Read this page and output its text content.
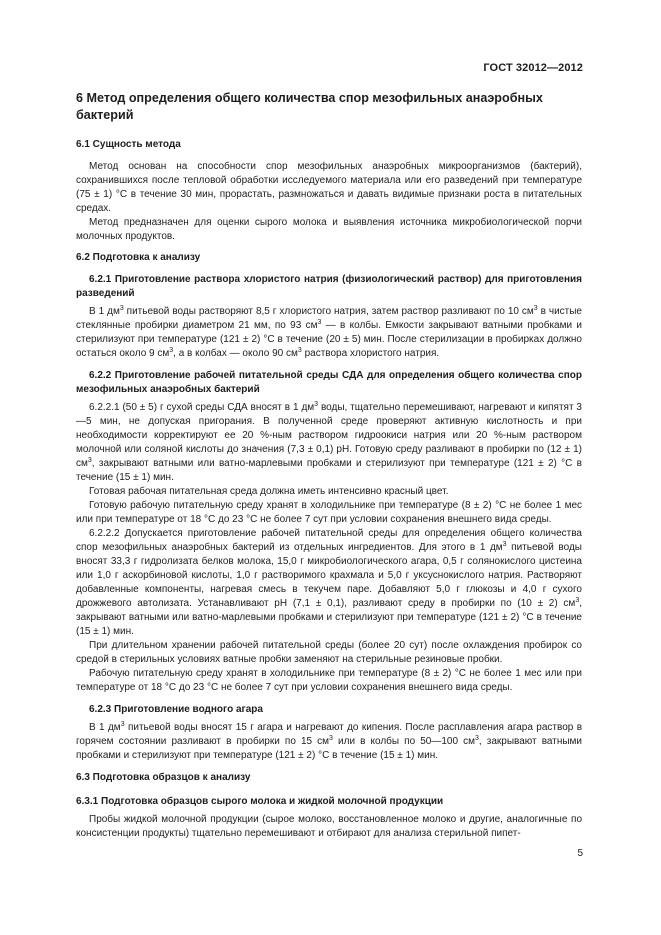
ГОСТ 32012—2012
6 Метод определения общего количества спор мезофильных анаэробных бактерий
6.1 Сущность метода

Метод основан на способности спор мезофильных анаэробных микроорганизмов (бактерий), сохранившихся после тепловой обработки исследуемого материала или его разведений при температуре (75 ± 1) °С в течение 30 мин, прорастать, размножаться и давать видимые признаки роста в питательных средах.

Метод предназначен для оценки сырого молока и выявления источника микробиологической порчи молочных продуктов.

6.2 Подготовка к анализу
6.2.1 Приготовление раствора хлористого натрия (физиологический раствор) для приготовления разведений

В 1 $дм^3$ питьевой воды растворяют 8,5 г хлористого натрия, затем раствор разливают по 10 $см^3$ в чистые стеклянные пробирки диаметром 21 мм, по 93 $см^3$ — в колбы. Емкости закрывают ватными пробками и стерилизуют при температуре (121 ± 2) °С в течение (20 ± 5) мин. После стерилизации в пробирках должно остаться около 9 $см^3$, а в колбах — около 90 $см^3$ раствора хлористого натрия.

6.2.2 Приготовление рабочей питательной среды СДА для определения общего количества спор мезофильных анаэробных бактерий

6.2.2.1 (50 ± 5) г сухой среды СДА вносят в 1 $дм^3$ воды, тщательно перемешивают, нагревают и кипятят 3—5 мин, не допуская пригорания. В полученной среде проверяют активную кислотность и при необходимости корректируют ее 20 %-ным раствором гидроокиси натрия или 20 %-ным раствором молочной или соляной кислоты до значения (7,3 ± 0,1) рН. Готовую среду разливают в пробирки по (12 ± 1) $см^3$, закрывают ватными или ватно-марлевыми пробками и стерилизуют при температуре (121 ± 2) °С в течение (15 ± 1) мин.

Готовая рабочая питательная среда должна иметь интенсивно красный цвет.

Готовую рабочую питательную среду хранят в холодильнике при температуре (8 ± 2) °С не более 1 мес или при температуре от 18 °С до 23 °С не более 7 сут при условии сохранения внешнего вида среды.

6.2.2.2 Допускается приготовление рабочей питательной среды для определения общего количества спор мезофильных анаэробных бактерий из отдельных ингредиентов. Для этого в 1 $дм^3$ питьевой воды вносят 33,3 г гидролизата белков молока, 15,0 г микробиологического агара, 0,5 г солянокислого цистеина или 1,0 г аскорбиновой кислоты, 1,0 г растворимого крахмала и 5,0 г уксуснокислого натрия. Растворяют добавленные компоненты, нагревая смесь в текучем паре. Добавляют 5,0 г глюкозы и 4,0 г сухого дрожжевого автолизата. Устанавливают рН (7,1 ± 0,1), разливают среду в пробирки по (10 ± 2) $см^3$, закрывают ватными или ватно-марлевыми пробками и стерилизуют при температуре (121 ± 2) °С в течение (15 ± 1) мин.

При длительном хранении рабочей питательной среды (более 20 сут) после охлаждения пробирок со средой в стерильных условиях ватные пробки заменяют на стерильные резиновые пробки.

Рабочую питательную среду хранят в холодильнике при температуре (8 ± 2) °С не более 1 мес или при температуре от 18 °С до 23 °С не более 7 сут при условии сохранения внешнего вида среды.

6.2.3 Приготовление водного агара

В 1 $дм^3$ питьевой воды вносят 15 г агара и нагревают до кипения. После расплавления агара раствор в горячем состоянии разливают в пробирки по 15 $см^3$ или в колбы по 50—100 $см^3$, закрывают ватными пробками и стерилизуют при температуре (121 ± 2) °С в течение (15 ± 1) мин.

6.3 Подготовка образцов к анализу
6.3.1 Подготовка образцов сырого молока и жидкой молочной продукции

Пробы жидкой молочной продукции (сырое молоко, восстановленное молоко и другие, аналогичные по консистенции продукты) тщательно перемешивают и отбирают для анализа стерильной пипет-

5
